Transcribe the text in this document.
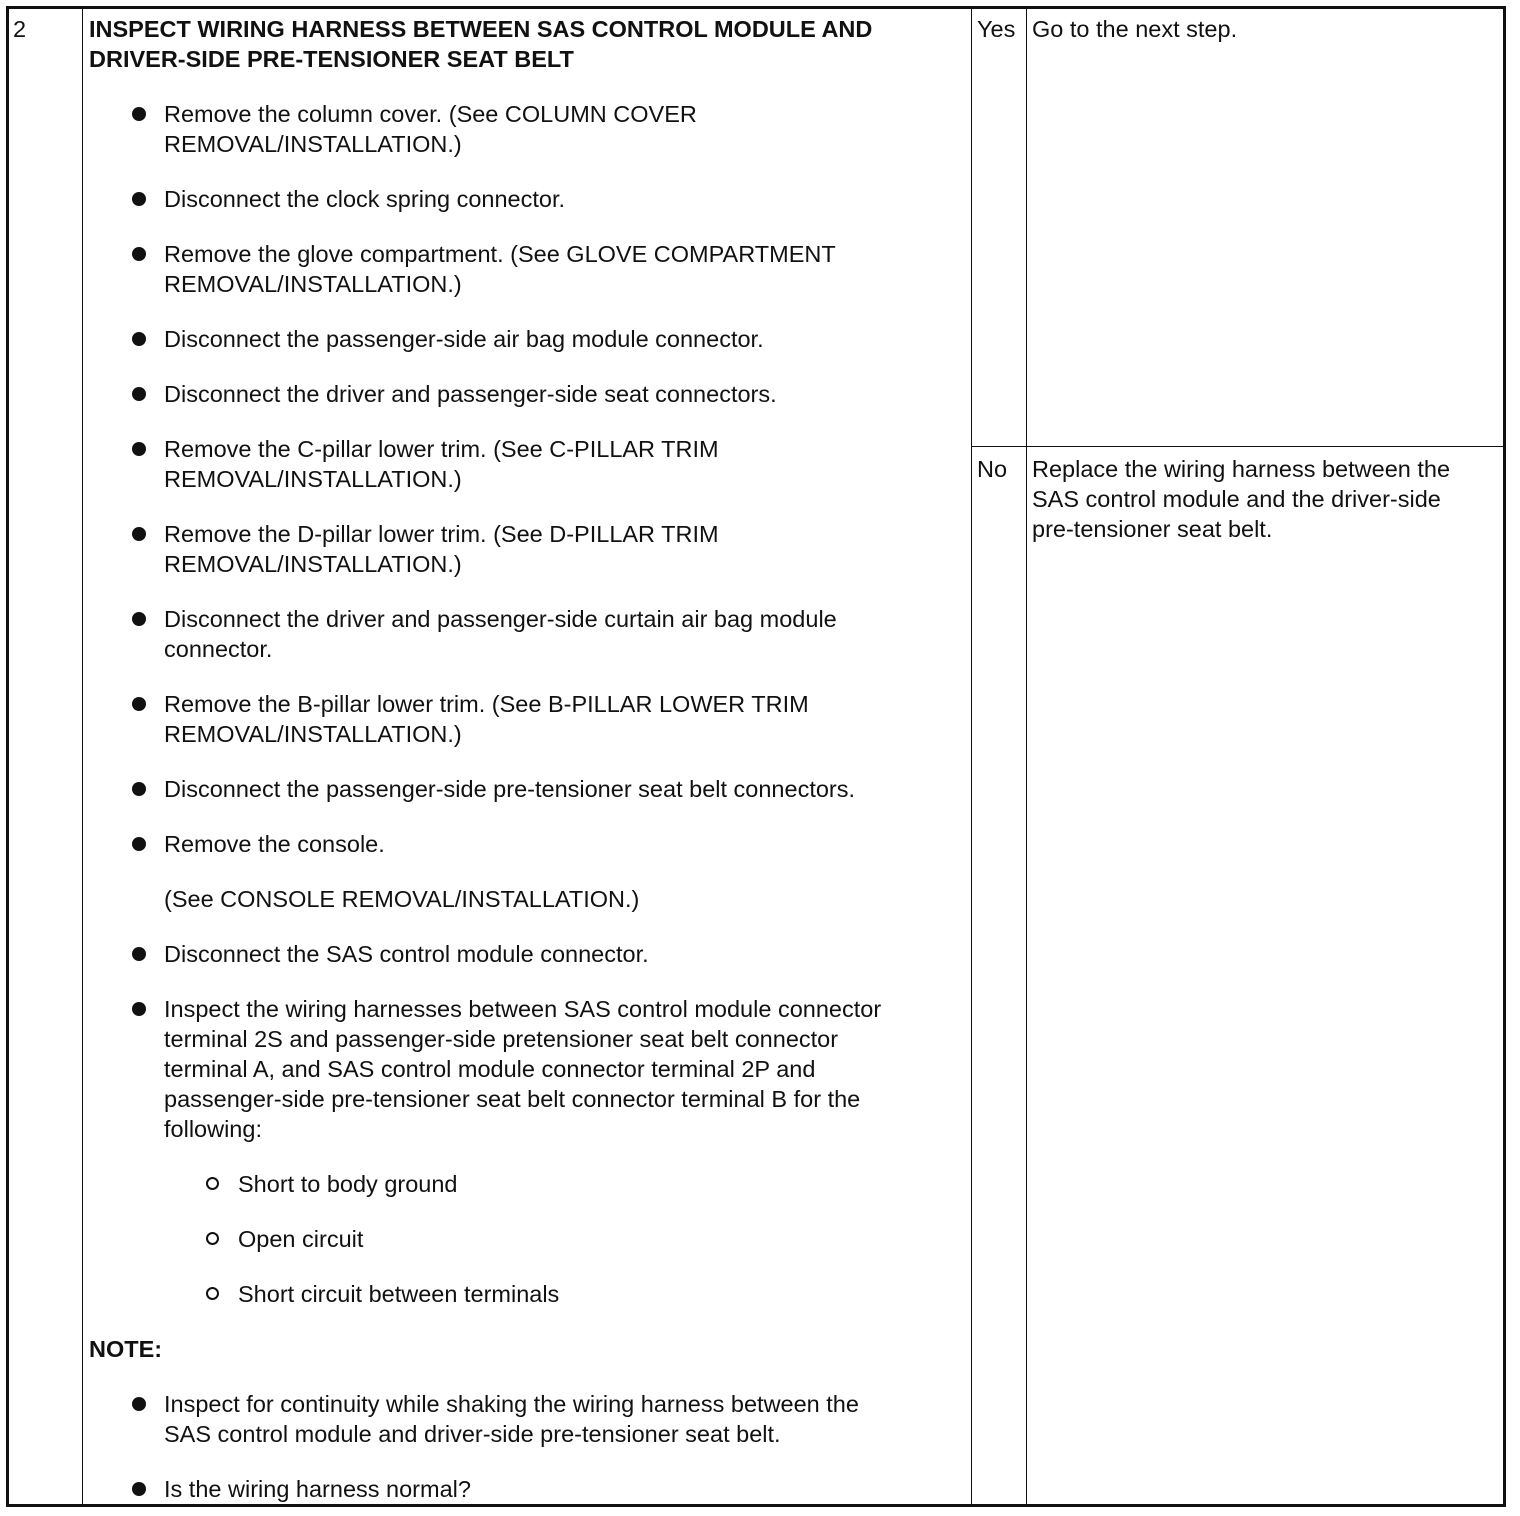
2	INSPECT WIRING HARNESS BETWEEN SAS CONTROL MODULE AND
DRIVER-SIDE PRE-TENSIONER SEAT BELT
Remove the column cover. (See COLUMN COVER
REMOVAL/INSTALLATION.)
Disconnect the clock spring connector.
Remove the glove compartment. (See GLOVE COMPARTMENT
REMOVAL/INSTALLATION.)
Disconnect the passenger-side air bag module connector.
Disconnect the driver and passenger-side seat connectors.
Remove the C-pillar lower trim. (See C-PILLAR TRIM
REMOVAL/INSTALLATION.)
Remove the D-pillar lower trim. (See D-PILLAR TRIM
REMOVAL/INSTALLATION.)
Disconnect the driver and passenger-side curtain air bag module
connector.
Remove the B-pillar lower trim. (See B-PILLAR LOWER TRIM
REMOVAL/INSTALLATION.)
Disconnect the passenger-side pre-tensioner seat belt connectors.
Remove the console.
(See CONSOLE REMOVAL/INSTALLATION.)
Disconnect the SAS control module connector.
Inspect the wiring harnesses between SAS control module connector
terminal 2S and passenger-side pretensioner seat belt connector
terminal A, and SAS control module connector terminal 2P and
passenger-side pre-tensioner seat belt connector terminal B for the
following:
Short to body ground
Open circuit
Short circuit between terminals
NOTE:
Inspect for continuity while shaking the wiring harness between the
SAS control module and driver-side pre-tensioner seat belt.
Is the wiring harness normal?
Yes Go to the next step.
No Replace the wiring harness between the
SAS control module and the driver-side
pre-tensioner seat belt.
